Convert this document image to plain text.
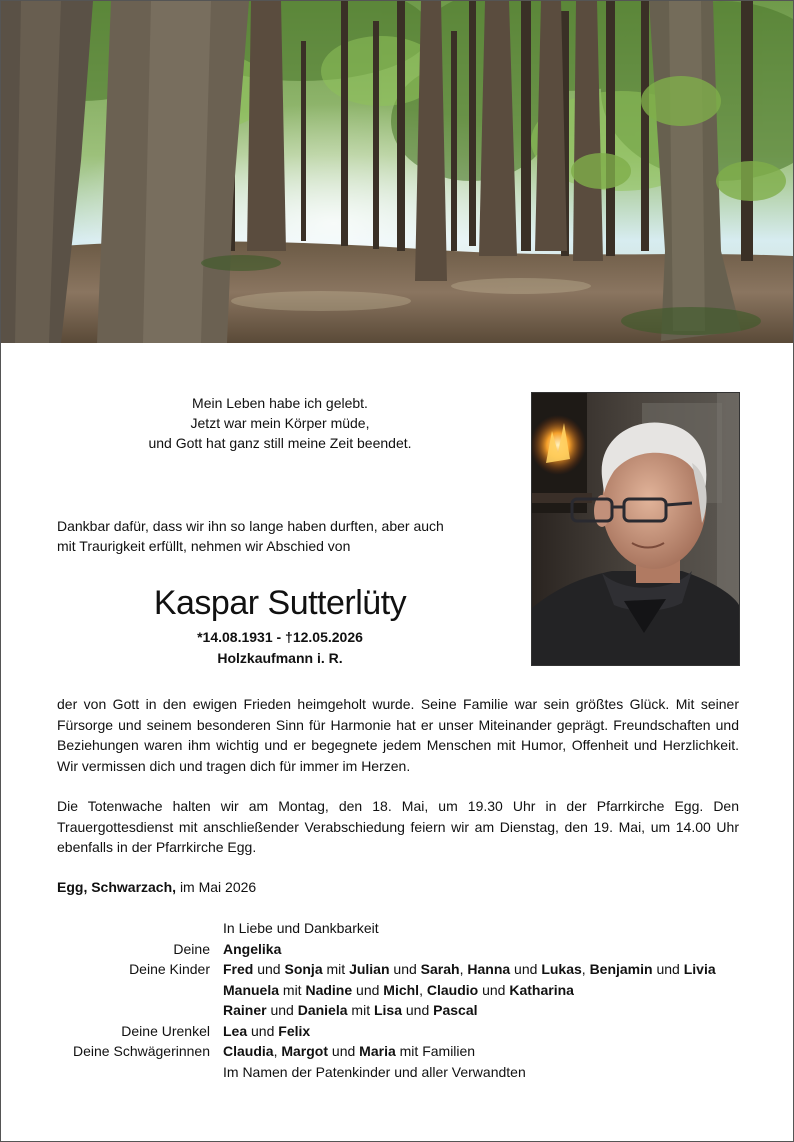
Mein Leben habe ich gelebt.
Jetzt war mein Körper müde,
und Gott hat ganz still meine Zeit beendet.
Dankbar dafür, dass wir ihn so lange haben durften, aber auch
mit Traurigkeit erfüllt, nehmen wir Abschied von
Kaspar Sutterlüty
*14.08.1931 - †12.05.2026
Holzkaufmann i. R.
der von Gott in den ewigen Frieden heimgeholt wurde. Seine Familie war sein größtes Glück. Mit seiner Fürsorge und seinem besonderen Sinn für Harmonie hat er unser Miteinander geprägt. Freundschaften und Beziehungen waren ihm wichtig und er begegnete jedem Menschen mit Humor, Offenheit und Herzlichkeit. Wir vermissen dich und tragen dich für immer im Herzen.
Die Totenwache halten wir am Montag, den 18. Mai, um 19.30 Uhr in der Pfarrkirche Egg. Den Trauergottesdienst mit anschließender Verabschiedung feiern wir am Dienstag, den 19. Mai, um 14.00 Uhr ebenfalls in der Pfarrkirche Egg.
Egg, Schwarzach, im Mai 2026
In Liebe und Dankbarkeit
Deine Angelika
Deine Kinder Fred und Sonja mit Julian und Sarah, Hanna und Lukas, Benjamin und Livia
Manuela mit Nadine und Michl, Claudio und Katharina
Rainer und Daniela mit Lisa und Pascal
Deine Urenkel Lea und Felix
Deine Schwägerinnen Claudia, Margot und Maria mit Familien
Im Namen der Patenkinder und aller Verwandten
